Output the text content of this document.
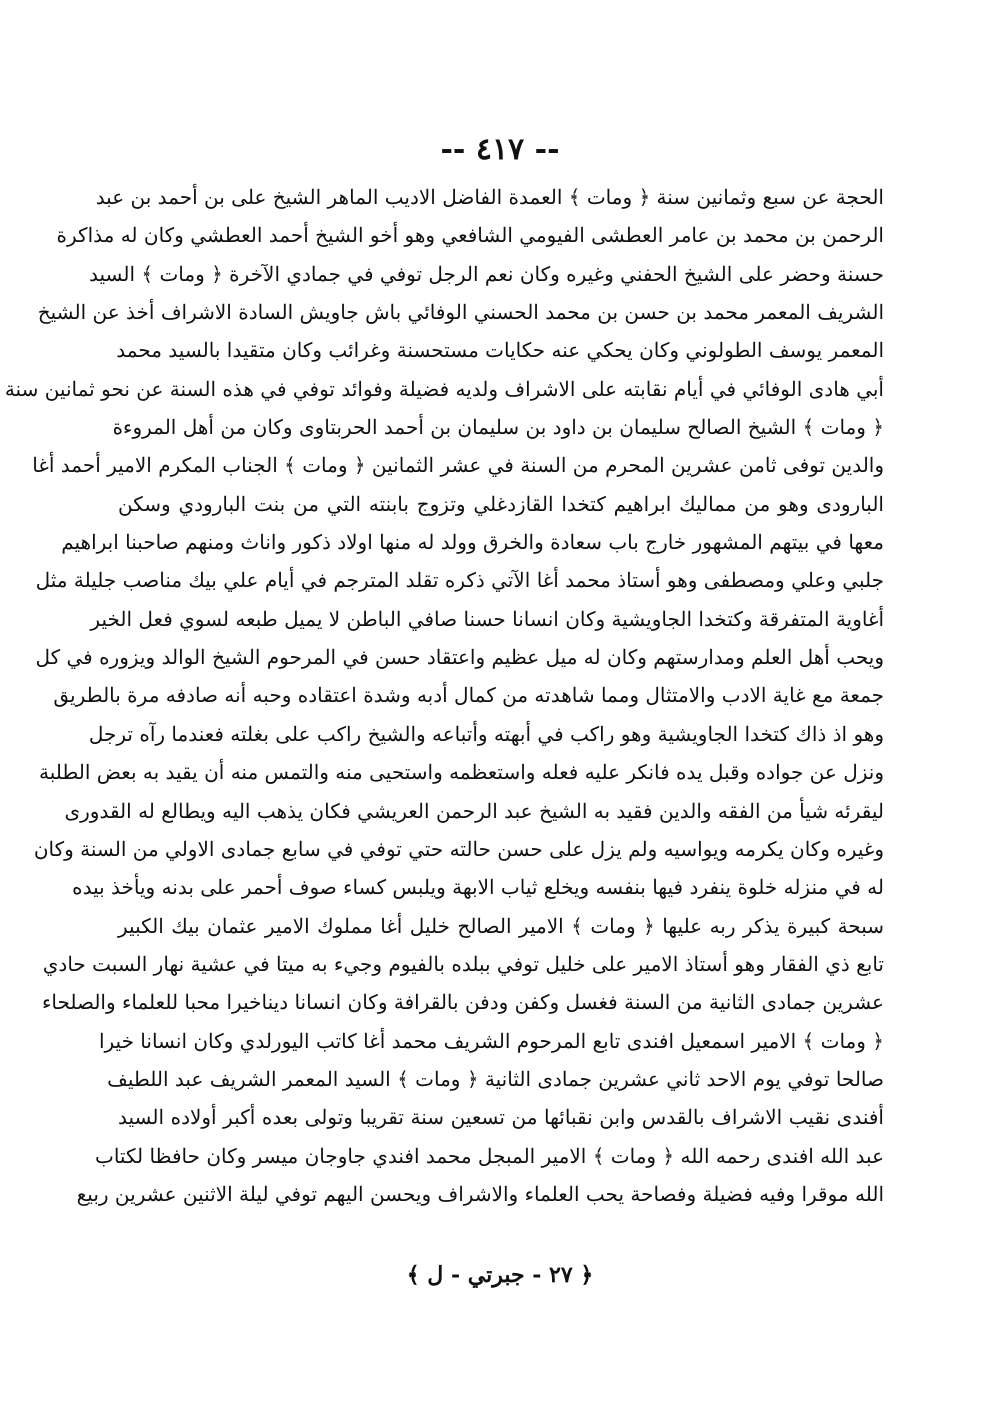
-- ٤١٧ --
الحجة عن سبع وثمانين سنة ﴿ ومات ﴾ العمدة الفاضل الاديب الماهر الشيخ على بن أحمد بن عبد
الرحمن بن محمد بن عامر العطشى الفيومي الشافعي وهو أخو الشيخ أحمد العطشي وكان له مذاكرة
حسنة وحضر على الشيخ الحفني وغيره وكان نعم الرجل توفي في جمادي الآخرة ﴿ ومات ﴾ السيد
الشريف المعمر محمد بن حسن بن محمد الحسني الوفائي باش جاويش السادة الاشراف أخذ عن الشيخ
المعمر يوسف الطولوني وكان يحكي عنه حكايات مستحسنة وغرائب وكان متقيدا بالسيد محمد
أبي هادى الوفائي في أيام نقابته على الاشراف ولديه فضيلة وفوائد توفي في هذه السنة عن نحو ثمانين سنة
﴿ ومات ﴾ الشيخ الصالح سليمان بن داود بن سليمان بن أحمد الحربتاوى وكان من أهل المروءة
والدين توفى ثامن عشرين المحرم من السنة في عشر الثمانين ﴿ ومات ﴾ الجناب المكرم الامير أحمد أغا
البارودى وهو من مماليك ابراهيم كتخدا القازدغلي وتزوج بابنته التي من بنت البارودي وسكن
معها في بيتهم المشهور خارج باب سعادة والخرق وولد له منها اولاد ذكور واناث ومنهم صاحبنا ابراهيم
جلبي وعلي ومصطفى وهو أستاذ محمد أغا الآتي ذكره تقلد المترجم في أيام علي بيك مناصب جليلة مثل
أغاوية المتفرقة وكتخدا الجاويشية وكان انسانا حسنا صافي الباطن لا يميل طبعه لسوي فعل الخير
ويحب أهل العلم ومدارستهم وكان له ميل عظيم واعتقاد حسن في المرحوم الشيخ الوالد ويزوره في كل
جمعة مع غاية الادب والامتثال ومما شاهدته من كمال أدبه وشدة اعتقاده وحبه أنه صادفه مرة بالطريق
وهو اذ ذاك كتخدا الجاويشية وهو راكب في أبهته وأتباعه والشيخ راكب على بغلته فعندما رآه ترجل
ونزل عن جواده وقبل يده فانكر عليه فعله واستعظمه واستحيى منه والتمس منه أن يقيد به بعض الطلبة
ليقرئه شيأ من الفقه والدين فقيد به الشيخ عبد الرحمن العريشي فكان يذهب اليه ويطالع له القدورى
وغيره وكان يكرمه ويواسيه ولم يزل على حسن حالته حتي توفي في سابع جمادى الاولي من السنة وكان
له في منزله خلوة ينفرد فيها بنفسه ويخلع ثياب الابهة ويلبس كساء صوف أحمر على بدنه ويأخذ بيده
سبحة كبيرة يذكر ربه عليها ﴿ ومات ﴾ الامير الصالح خليل أغا مملوك الامير عثمان بيك الكبير
تابع ذي الفقار وهو أستاذ الامير على خليل توفي ببلده بالفيوم وجيء به ميتا في عشية نهار السبت حادي
عشرين جمادى الثانية من السنة فغسل وكفن ودفن بالقرافة وكان انسانا ديناخيرا محبا للعلماء والصلحاء
﴿ ومات ﴾ الامير اسمعيل افندى تابع المرحوم الشريف محمد أغا كاتب اليورلدي وكان انسانا خيرا
صالحا توفي يوم الاحد ثاني عشرين جمادى الثانية ﴿ ومات ﴾ السيد المعمر الشريف عبد اللطيف
أفندى نقيب الاشراف بالقدس وابن نقبائها من تسعين سنة تقريبا وتولى بعده أكبر أولاده السيد
عبد الله افندى رحمه الله ﴿ ومات ﴾ الامير المبجل محمد افندي جاوجان ميسر وكان حافظا لكتاب
الله موقرا وفيه فضيلة وفصاحة يحب العلماء والاشراف ويحسن اليهم توفي ليلة الاثنين عشرين ربيع
﴿ ٢٧ - جبرتي - ل ﴾
